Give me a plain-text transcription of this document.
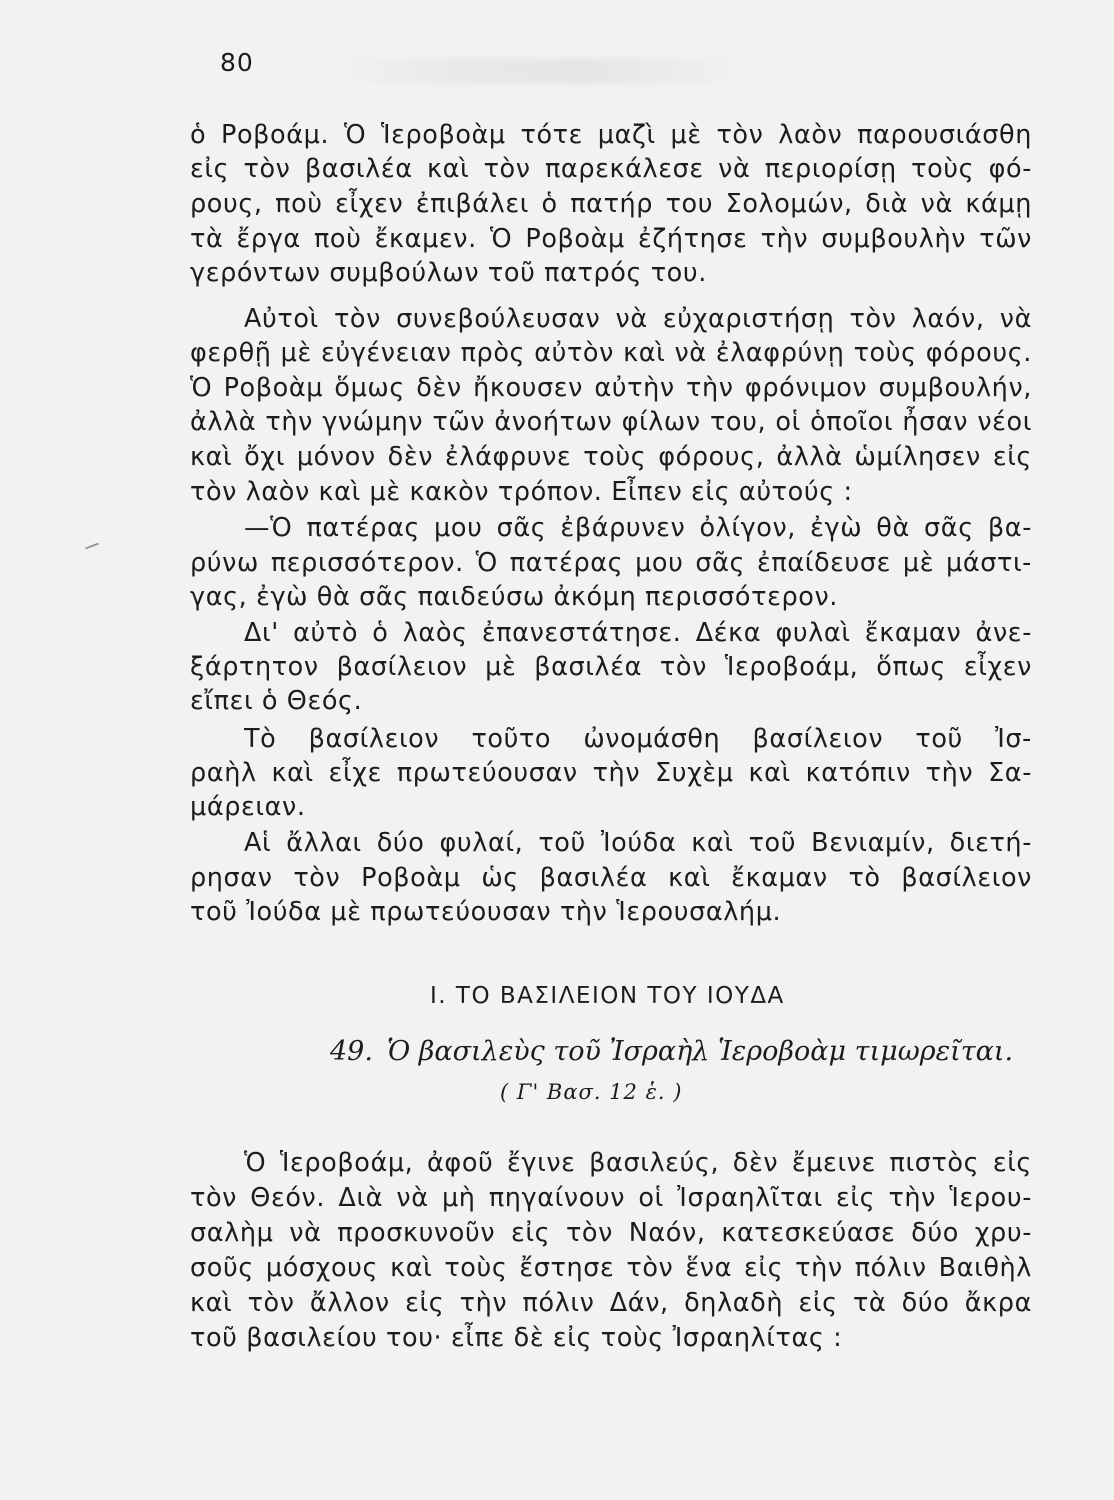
80
ὁ Ροβοάμ. Ὁ Ἱεροβοὰμ τότε μαζὶ μὲ τὸν λαὸν παρουσιάσθη
εἰς τὸν βασιλέα καὶ τὸν παρεκάλεσε νὰ περιορίσῃ τοὺς φό-
ρους, ποὺ εἶχεν ἐπιβάλει ὁ πατήρ του Σολομών, διὰ νὰ κάμῃ
τὰ ἔργα ποὺ ἔκαμεν. Ὁ Ροβοὰμ ἐζήτησε τὴν συμβουλὴν τῶν
γερόντων συμβούλων τοῦ πατρός του.
Αὐτοὶ τὸν συνεβούλευσαν νὰ εὐχαριστήσῃ τὸν λαόν, νὰ
φερθῇ μὲ εὐγένειαν πρὸς αὐτὸν καὶ νὰ ἐλαφρύνῃ τοὺς φόρους.
Ὁ Ροβοὰμ ὅμως δὲν ἤκουσεν αὐτὴν τὴν φρόνιμον συμβουλήν,
ἀλλὰ τὴν γνώμην τῶν ἀνοήτων φίλων του, οἱ ὁποῖοι ἦσαν νέοι
καὶ ὄχι μόνον δὲν ἐλάφρυνε τοὺς φόρους, ἀλλὰ ὡμίλησεν εἰς
τὸν λαὸν καὶ μὲ κακὸν τρόπον. Εἶπεν εἰς αὐτούς :
—Ὁ πατέρας μου σᾶς ἐβάρυνεν ὀλίγον, ἐγὼ θὰ σᾶς βα-
ρύνω περισσότερον. Ὁ πατέρας μου σᾶς ἐπαίδευσε μὲ μάστι-
γας, ἐγὼ θὰ σᾶς παιδεύσω ἀκόμη περισσότερον.
Δι' αὐτὸ ὁ λαὸς ἐπανεστάτησε. Δέκα φυλαὶ ἔκαμαν ἀνε-
ξάρτητον βασίλειον μὲ βασιλέα τὸν Ἱεροβοάμ, ὅπως εἶχεν
εἴπει ὁ Θεός.
Τὸ βασίλειον τοῦτο ὠνομάσθη βασίλειον τοῦ Ἰσ-
ραὴλ καὶ εἶχε πρωτεύουσαν τὴν Συχὲμ καὶ κατόπιν τὴν Σα-
μάρειαν.
Αἱ ἄλλαι δύο φυλαί, τοῦ Ἰούδα καὶ τοῦ Βενιαμίν, διετή-
ρησαν τὸν Ροβοὰμ ὡς βασιλέα καὶ ἔκαμαν τὸ βασίλειον
τοῦ Ἰούδα μὲ πρωτεύουσαν τὴν Ἱερουσαλήμ.
I. ΤΟ ΒΑΣΙΛΕΙΟΝ ΤΟΥ ΙΟΥΔΑ
49. Ὁ βασιλεὺς τοῦ Ἰσραὴλ Ἱεροβοὰμ τιμωρεῖται.
( Γ' Βασ. 12 ἑ. )
Ὁ Ἱεροβοάμ, ἀφοῦ ἔγινε βασιλεύς, δὲν ἔμεινε πιστὸς εἰς
τὸν Θεόν. Διὰ νὰ μὴ πηγαίνουν οἱ Ἰσραηλῖται εἰς τὴν Ἱερου-
σαλὴμ νὰ προσκυνοῦν εἰς τὸν Ναόν, κατεσκεύασε δύο χρυ-
σοῦς μόσχους καὶ τοὺς ἔστησε τὸν ἕνα εἰς τὴν πόλιν Βαιθὴλ
καὶ τὸν ἄλλον εἰς τὴν πόλιν Δάν, δηλαδὴ εἰς τὰ δύο ἄκρα
τοῦ βασιλείου του· εἶπε δὲ εἰς τοὺς Ἰσραηλίτας :
